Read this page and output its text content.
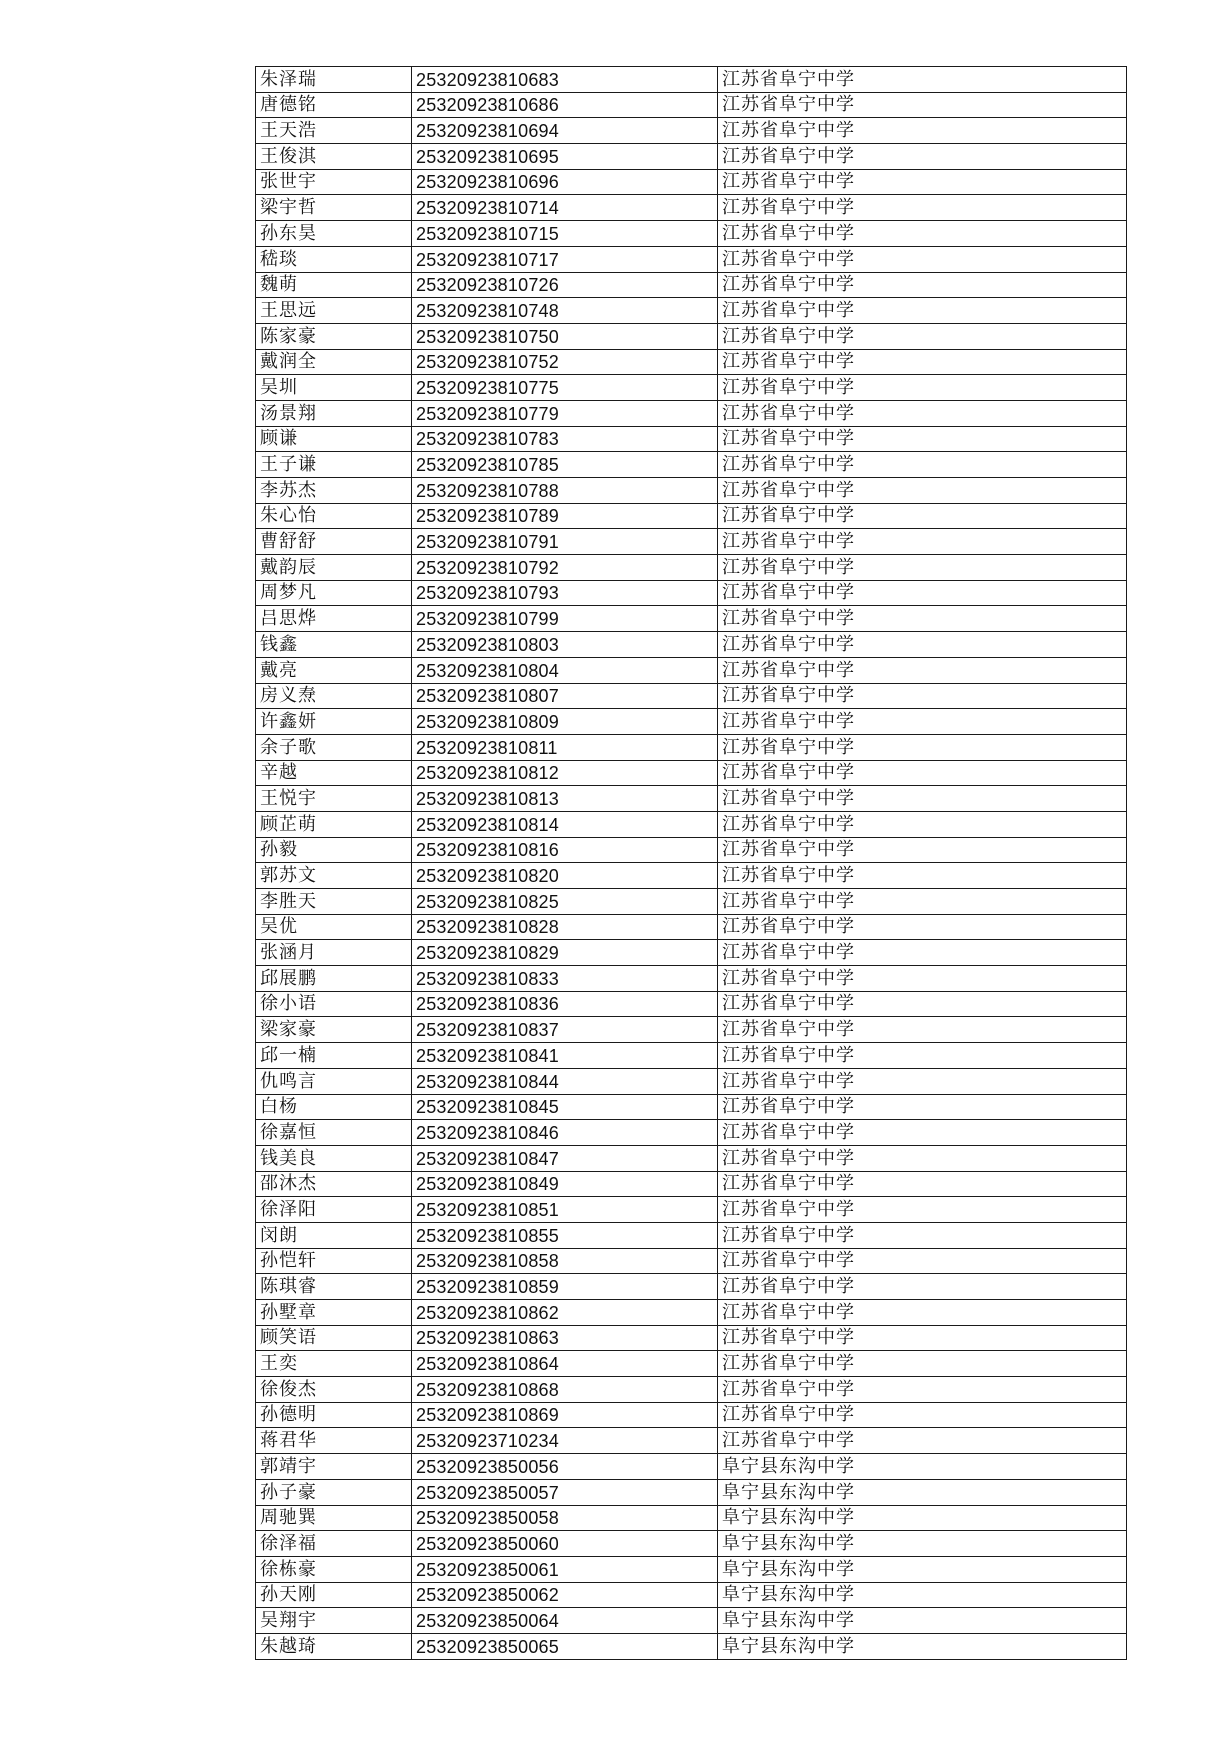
朱泽瑞	25320923810683	江苏省阜宁中学
唐德铭	25320923810686	江苏省阜宁中学
王天浩	25320923810694	江苏省阜宁中学
王俊淇	25320923810695	江苏省阜宁中学
张世宇	25320923810696	江苏省阜宁中学
梁宇哲	25320923810714	江苏省阜宁中学
孙东昊	25320923810715	江苏省阜宁中学
嵇琰	25320923810717	江苏省阜宁中学
魏萌	25320923810726	江苏省阜宁中学
王思远	25320923810748	江苏省阜宁中学
陈家豪	25320923810750	江苏省阜宁中学
戴润全	25320923810752	江苏省阜宁中学
吴圳	25320923810775	江苏省阜宁中学
汤景翔	25320923810779	江苏省阜宁中学
顾谦	25320923810783	江苏省阜宁中学
王子谦	25320923810785	江苏省阜宁中学
李苏杰	25320923810788	江苏省阜宁中学
朱心怡	25320923810789	江苏省阜宁中学
曹舒舒	25320923810791	江苏省阜宁中学
戴韵辰	25320923810792	江苏省阜宁中学
周梦凡	25320923810793	江苏省阜宁中学
吕思烨	25320923810799	江苏省阜宁中学
钱鑫	25320923810803	江苏省阜宁中学
戴亮	25320923810804	江苏省阜宁中学
房义焘	25320923810807	江苏省阜宁中学
许鑫妍	25320923810809	江苏省阜宁中学
余子歌	25320923810811	江苏省阜宁中学
辛越	25320923810812	江苏省阜宁中学
王悦宇	25320923810813	江苏省阜宁中学
顾芷萌	25320923810814	江苏省阜宁中学
孙毅	25320923810816	江苏省阜宁中学
郭苏文	25320923810820	江苏省阜宁中学
李胜天	25320923810825	江苏省阜宁中学
吴优	25320923810828	江苏省阜宁中学
张涵月	25320923810829	江苏省阜宁中学
邱展鹏	25320923810833	江苏省阜宁中学
徐小语	25320923810836	江苏省阜宁中学
梁家豪	25320923810837	江苏省阜宁中学
邱一楠	25320923810841	江苏省阜宁中学
仇鸣言	25320923810844	江苏省阜宁中学
白杨	25320923810845	江苏省阜宁中学
徐嘉恒	25320923810846	江苏省阜宁中学
钱美良	25320923810847	江苏省阜宁中学
邵沐杰	25320923810849	江苏省阜宁中学
徐泽阳	25320923810851	江苏省阜宁中学
闵朗	25320923810855	江苏省阜宁中学
孙恺轩	25320923810858	江苏省阜宁中学
陈琪睿	25320923810859	江苏省阜宁中学
孙墅章	25320923810862	江苏省阜宁中学
顾笑语	25320923810863	江苏省阜宁中学
王奕	25320923810864	江苏省阜宁中学
徐俊杰	25320923810868	江苏省阜宁中学
孙德明	25320923810869	江苏省阜宁中学
蒋君华	25320923710234	江苏省阜宁中学
郭靖宇	25320923850056	阜宁县东沟中学
孙子豪	25320923850057	阜宁县东沟中学
周驰巽	25320923850058	阜宁县东沟中学
徐泽福	25320923850060	阜宁县东沟中学
徐栋豪	25320923850061	阜宁县东沟中学
孙天刚	25320923850062	阜宁县东沟中学
吴翔宇	25320923850064	阜宁县东沟中学
朱越琦	25320923850065	阜宁县东沟中学
